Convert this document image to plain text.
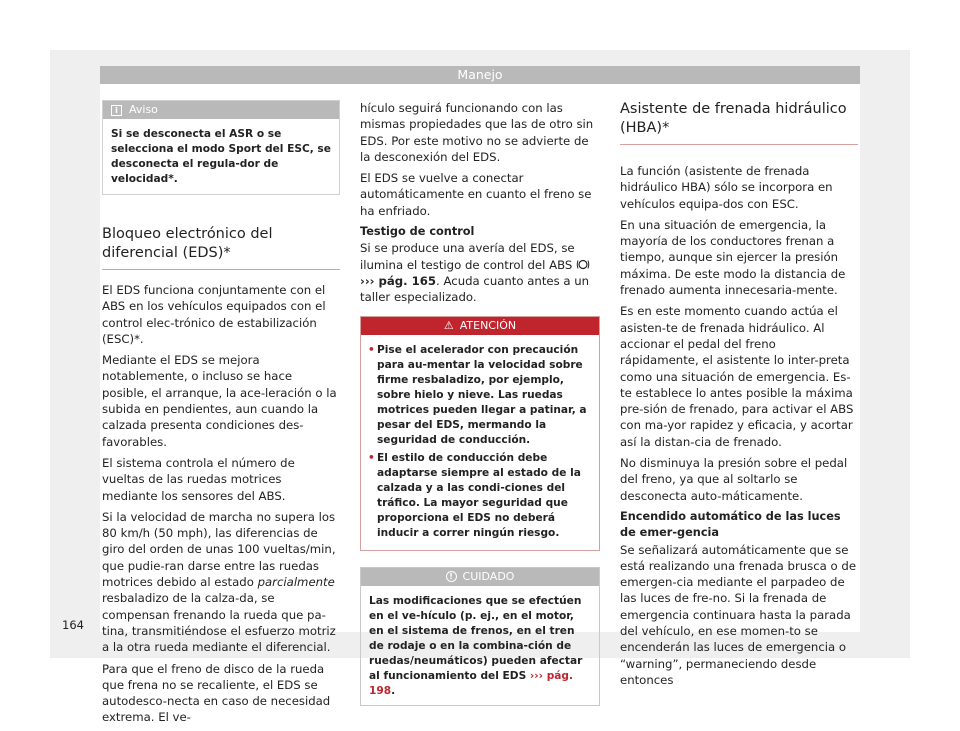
Manejo
i	Aviso
Si se desconecta el ASR o se selecciona el modo Sport del ESC, se desconecta el regula-dor de velocidad*.
Bloqueo electrónico del diferencial (EDS)*

El EDS funciona conjuntamente con el ABS en los vehículos equipados con el control elec-trónico de estabilización (ESC)*.

Mediante el EDS se mejora notablemente, o incluso se hace posible, el arranque, la ace-leración o la subida en pendientes, aun cuando la calzada presenta condiciones des-favorables.

El sistema controla el número de vueltas de las ruedas motrices mediante los sensores del ABS.

Si la velocidad de marcha no supera los 80 km/h (50 mph), las diferencias de giro del orden de unas 100 vueltas/min, que pudie-ran darse entre las ruedas motrices debido al estado parcialmente resbaladizo de la calza-da, se compensan frenando la rueda que pa-tina, transmitiéndose el esfuerzo motriz a la otra rueda mediante el diferencial.

Para que el freno de disco de la rueda que frena no se recaliente, el EDS se autodesco-necta en caso de necesidad extrema. El ve-

hículo seguirá funcionando con las mismas propiedades que las de otro sin EDS. Por este motivo no se advierte de la desconexión del EDS.

El EDS se vuelve a conectar automáticamente en cuanto el freno se ha enfriado.

Testigo de control

Si se produce una avería del EDS, se ilumina el testigo de control del ABS  ››› pág. 165. Acuda cuanto antes a un taller especializado.

⚠ ATENCIÓN
• Pise el acelerador con precaución para au-mentar la velocidad sobre firme resbaladizo, por ejemplo, sobre hielo y nieve. Las ruedas motrices pueden llegar a patinar, a pesar del EDS, mermando la seguridad de conducción.
• El estilo de conducción debe adaptarse siempre al estado de la calzada y a las condi-ciones del tráfico. La mayor seguridad que proporciona el EDS no deberá inducir a correr ningún riesgo.
! CUIDADO
Las modificaciones que se efectúen en el ve-hículo (p. ej., en el motor, en el sistema de frenos, en el tren de rodaje o en la combina-ción de ruedas/neumáticos) pueden afectar al funcionamiento del EDS ››› pág. 198.
Asistente de frenada hidráulico (HBA)*

La función (asistente de frenada hidráulico HBA) sólo se incorpora en vehículos equipa-dos con ESC.

En una situación de emergencia, la mayoría de los conductores frenan a tiempo, aunque sin ejercer la presión máxima. De este modo la distancia de frenado aumenta innecesaria-mente.

Es en este momento cuando actúa el asisten-te de frenada hidráulico. Al accionar el pedal del freno rápidamente, el asistente lo inter-preta como una situación de emergencia. Es-te establece lo antes posible la máxima pre-sión de frenado, para activar el ABS con ma-yor rapidez y eficacia, y acortar así la distan-cia de frenado.

No disminuya la presión sobre el pedal del freno, ya que al soltarlo se desconecta auto-máticamente.

Encendido automático de las luces de emer-gencia

Se señalizará automáticamente que se está realizando una frenada brusca o de emergen-cia mediante el parpadeo de las luces de fre-no. Si la frenada de emergencia continuara hasta la parada del vehículo, en ese momen-to se encenderán las luces de emergencia o “warning”, permaneciendo desde entonces

164
